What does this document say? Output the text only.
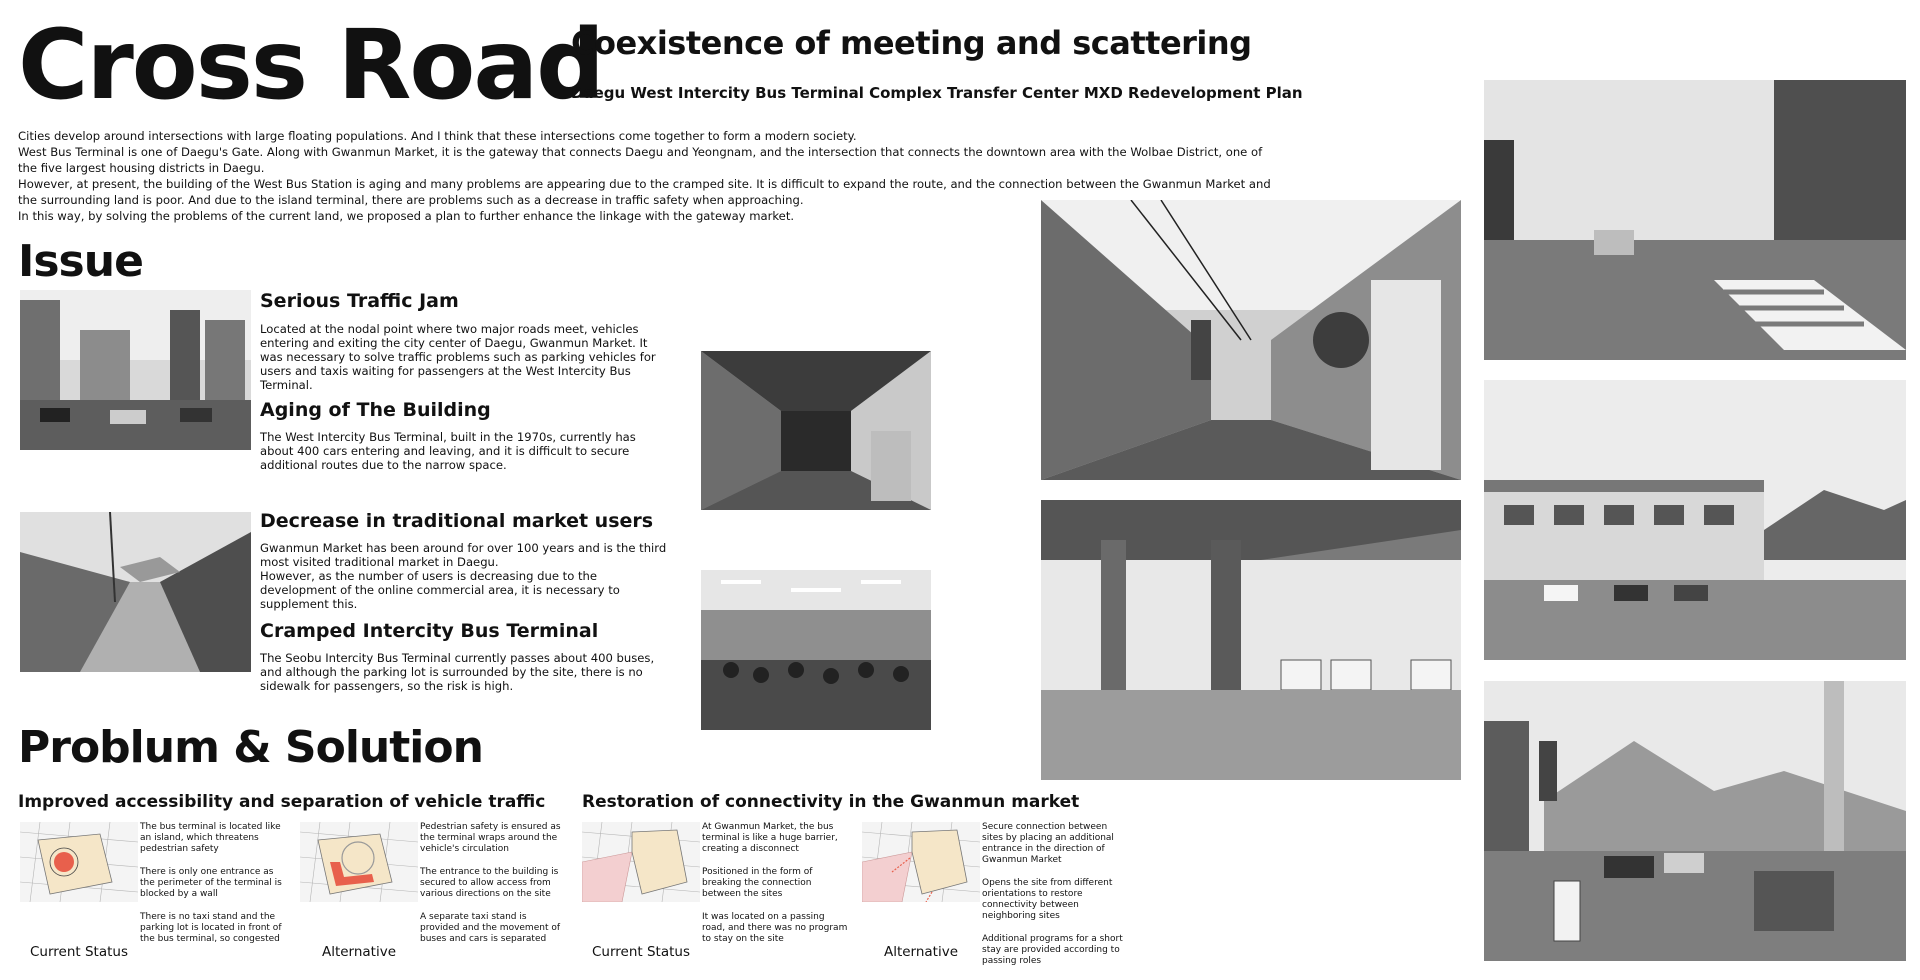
Cross Road
Coexistence of meeting and scattering
Daegu West Intercity Bus Terminal Complex Transfer Center MXD Redevelopment Plan

Cities develop around intersections with large floating populations. And I think that these intersections come together to form a modern society.

West Bus Terminal is one of Daegu's Gate. Along with Gwanmun Market, it is the gateway that connects Daegu and Yeongnam, and the intersection that connects the downtown area with the Wolbae District, one of the five largest housing districts in Daegu.

However, at present, the building of the West Bus Station is aging and many problems are appearing due to the cramped site. It is difficult to expand the route, and the connection between the Gwanmun Market and the surrounding land is poor. And due to the island terminal, there are problems such as a decrease in traffic safety when approaching.

In this way, by solving the problems of the current land, we proposed a plan to further enhance the linkage with the gateway market.

Issue
Serious Traffic Jam

Located at the nodal point where two major roads meet, vehicles entering and exiting the city center of Daegu, Gwanmun Market. It was necessary to solve traffic problems such as parking vehicles for users and taxis waiting for passengers at the West Intercity Bus Terminal.

Aging of The Building

The West Intercity Bus Terminal, built in the 1970s, currently has about 400 cars entering and leaving, and it is difficult to secure additional routes due to the narrow space.

Decrease in traditional market users

Gwanmun Market has been around for over 100 years and is the third most visited traditional market in Daegu.
However, as the number of users is decreasing due to the development of the online commercial area, it is necessary to supplement this.

Cramped Intercity Bus Terminal

The Seobu Intercity Bus Terminal currently passes about 400 buses, and although the parking lot is surrounded by the site, there is no sidewalk for passengers, so the risk is high.

Problum & Solution
Improved accessibility and separation of vehicle traffic Restoration of connectivity in the Gwanmun market

Current Status

The bus terminal is located like an island, which threatens pedestrian safety

There is only one entrance as the perimeter of the terminal is blocked by a wall

There is no taxi stand and the parking lot is located in front of the bus terminal, so congested

Alternative

Pedestrian safety is ensured as the terminal wraps around the vehicle's circulation

The entrance to the building is secured to allow access from various directions on the site

A separate taxi stand is provided and the movement of buses and cars is separated

Current Status

At Gwanmun Market, the bus terminal is like a huge barrier, creating a disconnect

Positioned in the form of breaking the connection between the sites

It was located on a passing road, and there was no program to stay on the site

Alternative

Secure connection between sites by placing an additional entrance in the direction of Gwanmun Market

Opens the site from different orientations to restore connectivity between neighboring sites

Additional programs for a short stay are provided according to passing roles
